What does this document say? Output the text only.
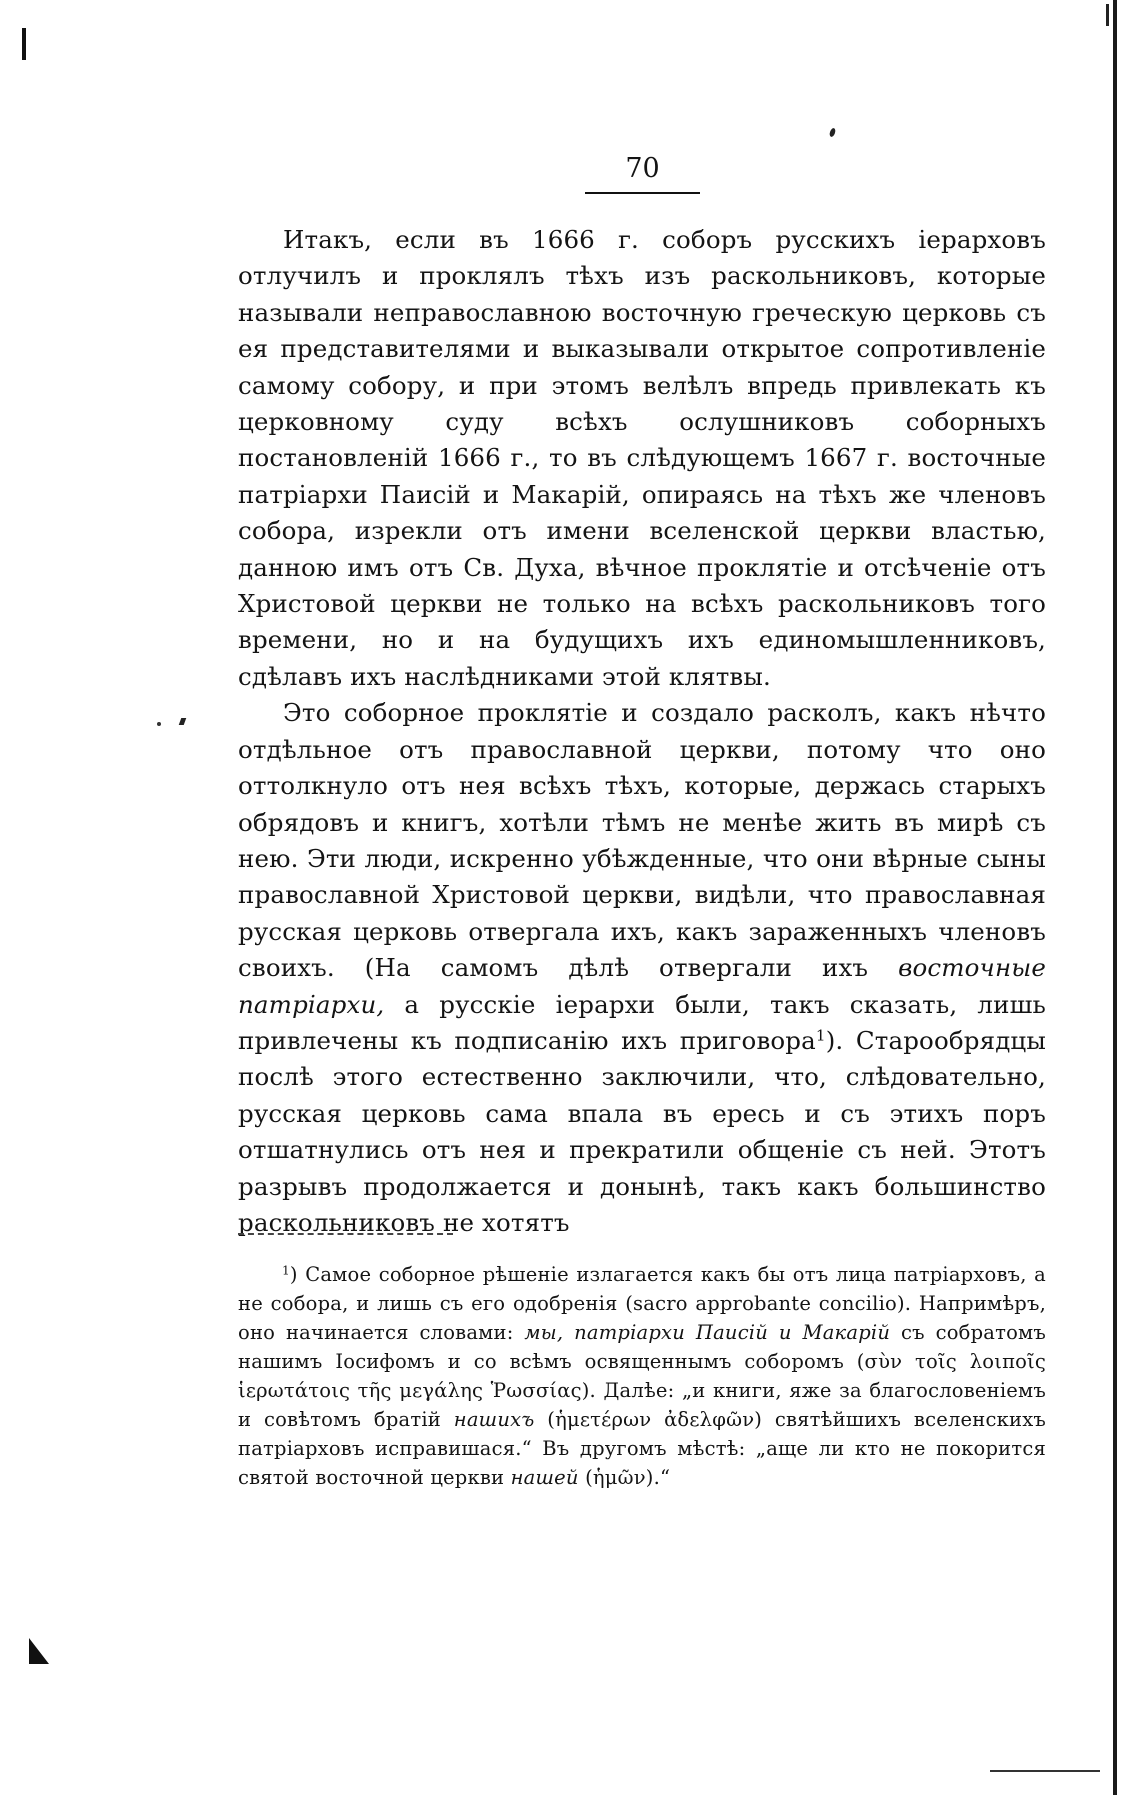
70

Итакъ, если въ 1666 г. соборъ русскихъ iерарховъ отлучилъ и проклялъ тѣхъ изъ раскольниковъ, которые называли неправославною восточную греческую церковь съ ея представителями и выказывали открытое сопротивленiе самому собору, и при этомъ велѣлъ впредь привлекать къ церковному суду всѣхъ ослушниковъ соборныхъ постановленiй 1666 г., то въ слѣдующемъ 1667 г. восточные патрiархи Паисiй и Макарiй, опираясь на тѣхъ же членовъ собора, изрекли отъ имени вселенской церкви властью, данною имъ отъ Св. Духа, вѣчное проклятiе и отсѣченiе отъ Христовой церкви не только на всѣхъ раскольниковъ того времени, но и на будущихъ ихъ единомышленниковъ, сдѣлавъ ихъ наслѣдниками этой клятвы.

Это соборное проклятiе и создало расколъ, какъ нѣчто отдѣльное отъ православной церкви, потому что оно оттолкнуло отъ нея всѣхъ тѣхъ, которые, держась старыхъ обрядовъ и книгъ, хотѣли тѣмъ не менѣе жить въ мирѣ съ нею. Эти люди, искренно убѣжденные, что они вѣрные сыны православной Христовой церкви, видѣли, что православная русская церковь отвергала ихъ, какъ зараженныхъ членовъ своихъ. (На самомъ дѣлѣ отвергали ихъ восточные патрiархи, а русскiе iерархи были, такъ сказать, лишь привлечены къ подписанiю ихъ приговора$^1$). Старообрядцы послѣ этого естественно заключили, что, слѣдовательно, русская церковь сама впала въ ересь и съ этихъ поръ отшатнулись отъ нея и прекратили общенiе съ ней. Этотъ разрывъ продолжается и донынѣ, такъ какъ большинство раскольниковъ не хотятъ

$^1$) Самое соборное рѣшенiе излагается какъ бы отъ лица патрiарховъ, а не собора, и лишь съ его одобренiя (sacro approbante concilio). Напримѣръ, оно начинается словами: мы, патрiархи Паисiй и Макарiй съ собратомъ нашимъ Iосифомъ и со всѣмъ освященнымъ соборомъ (σὺν τοῖς λοιποῖς ἱερωτάτοις τῆς μεγάλης Ῥωσσίας). Далѣе: „и книги, яже за благословенiемъ и совѣтомъ братiй нашихъ (ἡμετέρων ἀδελφῶν) святѣйшихъ вселенскихъ патрiарховъ исправишася.“ Въ другомъ мѣстѣ: „аще ли кто не покорится святой восточной церкви нашей (ἡμῶν).“
